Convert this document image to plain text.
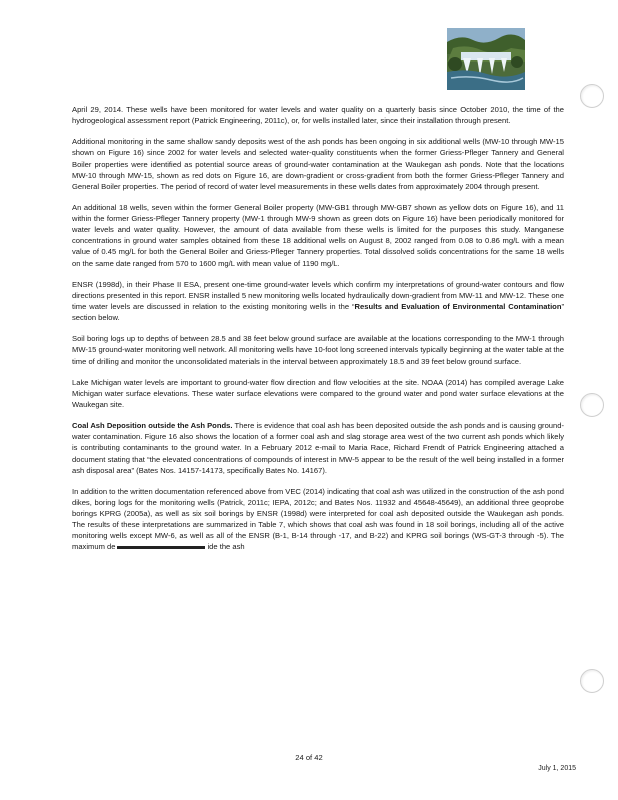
April 29, 2014. These wells have been monitored for water levels and water quality on a quarterly basis since October 2010, the time of the hydrogeological assessment report (Patrick Engineering, 2011c), or, for wells installed later, since their installation through present.

Additional monitoring in the same shallow sandy deposits west of the ash ponds has been ongoing in six additional wells (MW-10 through MW-15 shown on Figure 16) since 2002 for water levels and selected water-quality constituents when the former Griess-Pfleger Tannery and General Boiler properties were identified as potential source areas of ground-water contamination at the Waukegan ash ponds. Note that the locations MW-10 through MW-15, shown as red dots on Figure 16, are down-gradient or cross-gradient from both the former Griess-Pfleger Tannery and General Boiler properties. The period of record of water level measurements in these wells dates from approximately 2004 through present.

An additional 18 wells, seven within the former General Boiler property (MW-GB1 through MW-GB7 shown as yellow dots on Figure 16), and 11 within the former Griess-Pfleger Tannery property (MW-1 through MW-9 shown as green dots on Figure 16) have been periodically monitored for water levels and water quality. However, the amount of data available from these wells is limited for the purposes this study. Manganese concentrations in ground water samples obtained from these 18 additional wells on August 8, 2002 ranged from 0.08 to 0.86 mg/L with a mean value of 0.45 mg/L for both the General Boiler and Griess-Pfleger Tannery properties. Total dissolved solids concentrations for the same 18 wells on the same date ranged from 570 to 1600 mg/L with mean value of 1190 mg/L.

ENSR (1998d), in their Phase II ESA, present one-time ground-water levels which confirm my interpretations of ground-water contours and flow directions presented in this report. ENSR installed 5 new monitoring wells located hydraulically down-gradient from MW-11 and MW-12. These one time water levels are discussed in relation to the existing monitoring wells in the “Results and Evaluation of Environmental Contamination” section below.

Soil boring logs up to depths of between 28.5 and 38 feet below ground surface are available at the locations corresponding to the MW-1 through MW-15 ground-water monitoring well network. All monitoring wells have 10-foot long screened intervals typically beginning at the water table at the time of drilling and monitor the unconsolidated materials in the interval between approximately 18.5 and 39 feet below ground surface.

Lake Michigan water levels are important to ground-water flow direction and flow velocities at the site. NOAA (2014) has compiled average Lake Michigan water surface elevations. These water surface elevations were compared to the ground water and pond water surface elevations at the Waukegan site.

Coal Ash Deposition outside the Ash Ponds. There is evidence that coal ash has been deposited outside the ash ponds and is causing ground-water contamination. Figure 16 also shows the location of a former coal ash and slag storage area west of the two current ash ponds which likely is contributing contaminants to the ground water. In a February 2012 e-mail to Maria Race, Richard Frendt of Patrick Engineering attached a document stating that “the elevated concentrations of compounds of interest in MW-5 appear to be the result of the well being installed in a former ash disposal area” (Bates Nos. 14157-14173, specifically Bates No. 14167).

In addition to the written documentation referenced above from VEC (2014) indicating that coal ash was utilized in the construction of the ash pond dikes, boring logs for the monitoring wells (Patrick, 2011c; IEPA, 2012c; and Bates Nos. 11932 and 45648-45649), an additional three geoprobe borings KPRG (2005a), as well as six soil borings by ENSR (1998d) were interpreted for coal ash deposited outside the Waukegan ash ponds. The results of these interpretations are summarized in Table 7, which shows that coal ash was found in 18 soil borings, including all of the active monitoring wells except MW-6, as well as all of the ENSR (B-1, B-14 through -17, and B-22) and KPRG soil borings (WS-GT-3 through -5). The maximum de	ide the ash

24 of 42
July 1, 2015
